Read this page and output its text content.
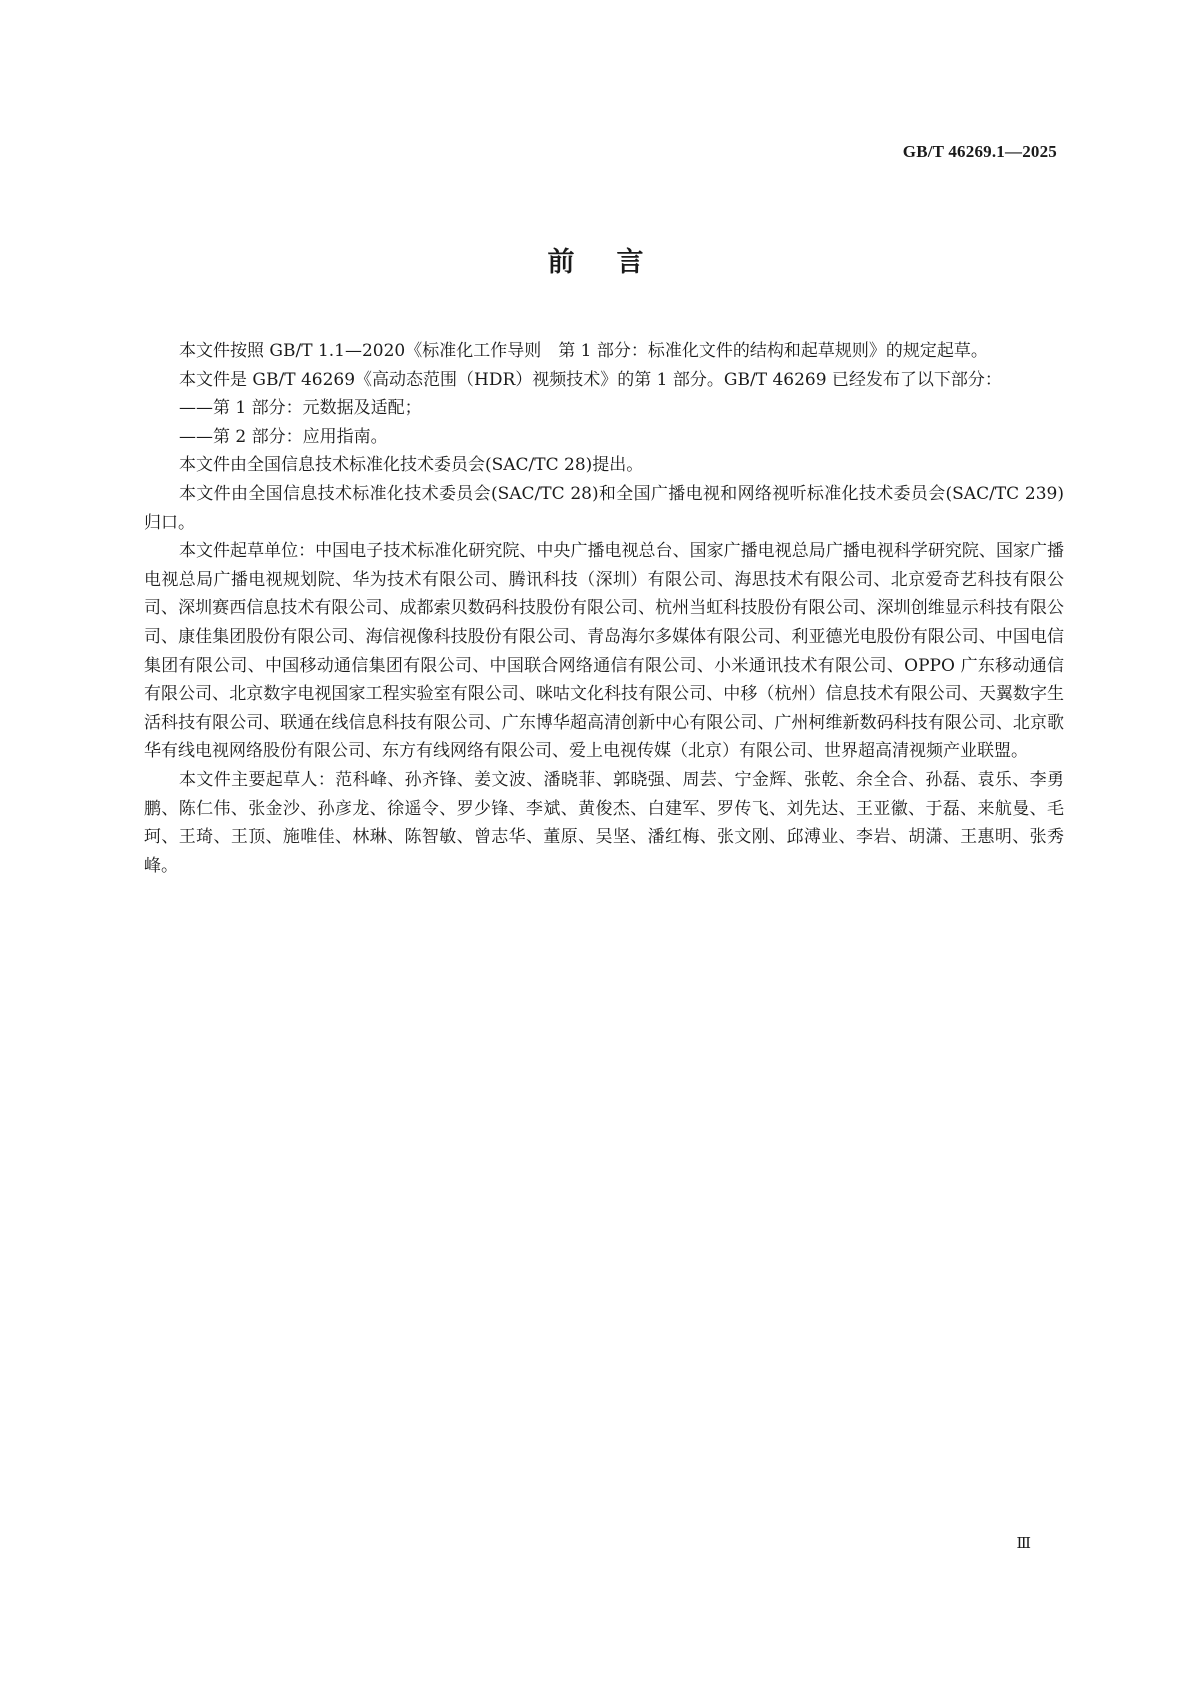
GB/T 46269.1—2025
前言

本文件按照 GB/T 1.1—2020《标准化工作导则　第 1 部分：标准化文件的结构和起草规则》的规定起草。

本文件是 GB/T 46269《高动态范围（HDR）视频技术》的第 1 部分。GB/T 46269 已经发布了以下部分：

——第 1 部分：元数据及适配；

——第 2 部分：应用指南。

本文件由全国信息技术标准化技术委员会(SAC/TC 28)提出。

本文件由全国信息技术标准化技术委员会(SAC/TC 28)和全国广播电视和网络视听标准化技术委员会(SAC/TC 239)归口。

本文件起草单位：中国电子技术标准化研究院、中央广播电视总台、国家广播电视总局广播电视科学研究院、国家广播电视总局广播电视规划院、华为技术有限公司、腾讯科技（深圳）有限公司、海思技术有限公司、北京爱奇艺科技有限公司、深圳赛西信息技术有限公司、成都索贝数码科技股份有限公司、杭州当虹科技股份有限公司、深圳创维显示科技有限公司、康佳集团股份有限公司、海信视像科技股份有限公司、青岛海尔多媒体有限公司、利亚德光电股份有限公司、中国电信集团有限公司、中国移动通信集团有限公司、中国联合网络通信有限公司、小米通讯技术有限公司、OPPO 广东移动通信有限公司、北京数字电视国家工程实验室有限公司、咪咕文化科技有限公司、中移（杭州）信息技术有限公司、天翼数字生活科技有限公司、联通在线信息科技有限公司、广东博华超高清创新中心有限公司、广州柯维新数码科技有限公司、北京歌华有线电视网络股份有限公司、东方有线网络有限公司、爱上电视传媒（北京）有限公司、世界超高清视频产业联盟。

本文件主要起草人：范科峰、孙齐锋、姜文波、潘晓菲、郭晓强、周芸、宁金辉、张乾、余全合、孙磊、袁乐、李勇鹏、陈仁伟、张金沙、孙彦龙、徐遥令、罗少锋、李斌、黄俊杰、白建军、罗传飞、刘先达、王亚徽、于磊、来航曼、毛珂、王琦、王顶、施唯佳、林琳、陈智敏、曾志华、董原、吴坚、潘红梅、张文刚、邱溥业、李岩、胡潇、王惠明、张秀峰。

Ⅲ
